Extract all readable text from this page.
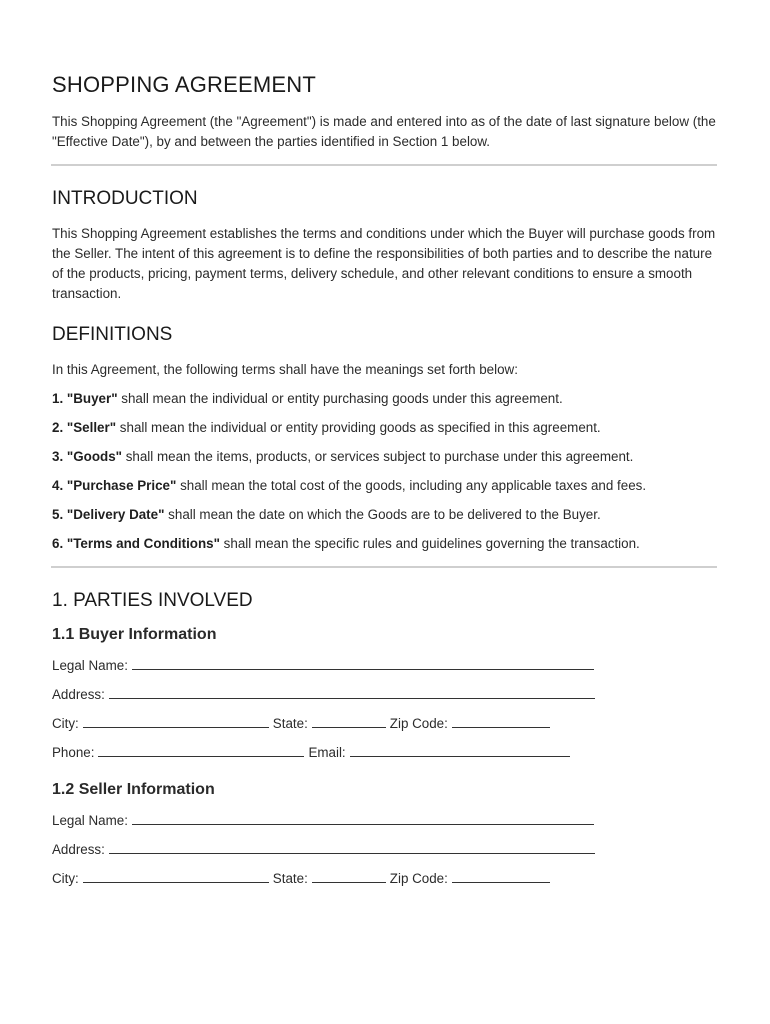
SHOPPING AGREEMENT

This Shopping Agreement (the "Agreement") is made and entered into as of the date of last signature below (the "Effective Date"), by and between the parties identified in Section 1 below.

INTRODUCTION

This Shopping Agreement establishes the terms and conditions under which the Buyer will purchase goods from the Seller. The intent of this agreement is to define the responsibilities of both parties and to describe the nature of the products, pricing, payment terms, delivery schedule, and other relevant conditions to ensure a smooth transaction.

DEFINITIONS

In this Agreement, the following terms shall have the meanings set forth below:

1. "Buyer" shall mean the individual or entity purchasing goods under this agreement.

2. "Seller" shall mean the individual or entity providing goods as specified in this agreement.

3. "Goods" shall mean the items, products, or services subject to purchase under this agreement.

4. "Purchase Price" shall mean the total cost of the goods, including any applicable taxes and fees.

5. "Delivery Date" shall mean the date on which the Goods are to be delivered to the Buyer.

6. "Terms and Conditions" shall mean the specific rules and guidelines governing the transaction.

1. PARTIES INVOLVED
1.1 Buyer Information
Legal Name:
Address:
City:	State:	Zip Code:
Phone:	Email:
1.2 Seller Information
Legal Name:
Address:
City:	State:	Zip Code:
